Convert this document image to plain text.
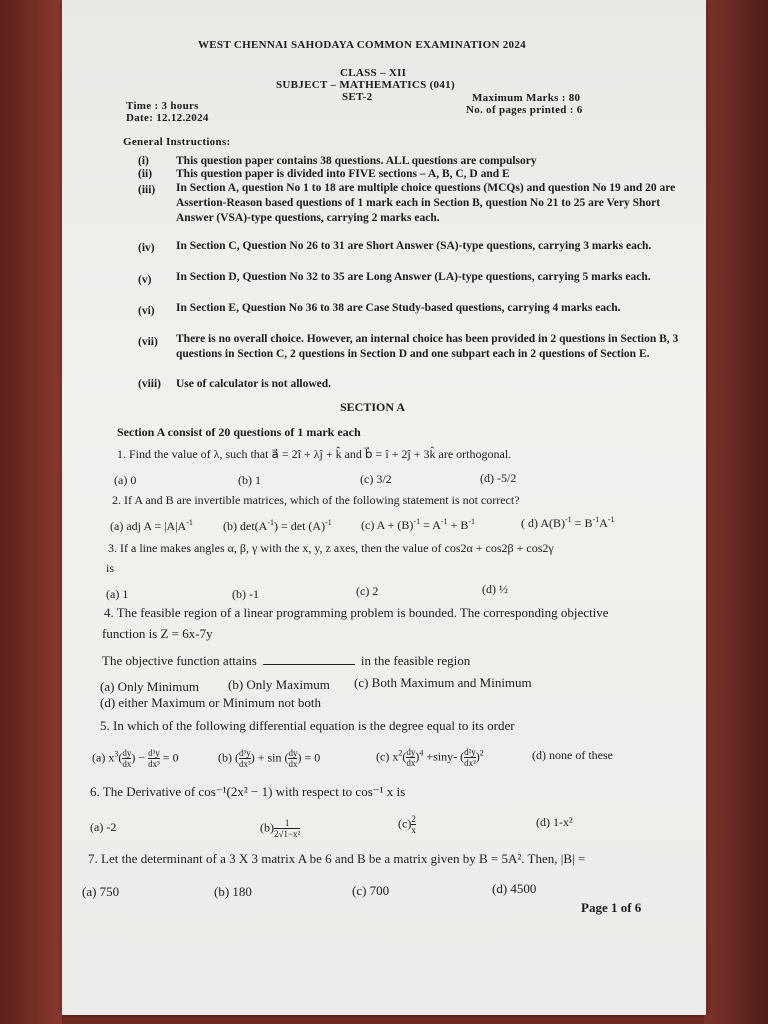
WEST CHENNAI SAHODAYA COMMON EXAMINATION 2024
CLASS – XII
SUBJECT – MATHEMATICS (041)
SET-2
Time : 3 hours
Date: 12.12.2024
Maximum Marks : 80
No. of pages printed : 6
General Instructions:
(i) This question paper contains 38 questions. ALL questions are compulsory
(ii) This question paper is divided into FIVE sections – A, B, C, D and E
(iii) In Section A, question No 1 to 18 are multiple choice questions (MCQs) and question No 19 and 20 are Assertion-Reason based questions of 1 mark each in Section B, question No 21 to 25 are Very Short Answer (VSA)-type questions, carrying 2 marks each.
(iv) In Section C, Question No 26 to 31 are Short Answer (SA)-type questions, carrying 3 marks each.
(v) In Section D, Question No 32 to 35 are Long Answer (LA)-type questions, carrying 5 marks each.
(vi) In Section E, Question No 36 to 38 are Case Study-based questions, carrying 4 marks each.
(vii) There is no overall choice. However, an internal choice has been provided in 2 questions in Section B, 3 questions in Section C, 2 questions in Section D and one subpart each in 2 questions of Section E.
(viii) Use of calculator is not allowed.
SECTION A
Section A consist of 20 questions of 1 mark each
1. Find the value of λ, such that a⃗ = 2î + λĵ + k̂ and b⃗ = î + 2ĵ + 3k̂ are orthogonal.
(a) 0	(b) 1	(c) 3/2	(d) -5/2
2. If A and B are invertible matrices, which of the following statement is not correct?
(a) adj $A = |A|A^{-1}$	(b) $\det(A^{-1}) = \det (A)^{-1}$ (c) $A + (B)^{-1} = A^{-1} + B^{-1}$	( d) $A(B)^{-1} = B^{-1}A^{-1}$
3. If a line makes angles α, β, γ with the x, y, z axes, then the value of cos2α + cos2β + cos2γ
is
(a) 1	(b) -1	(c) 2	(d) ½
4. The feasible region of a linear programming problem is bounded. The corresponding objective
function is Z = 6x-7y
The objective function attains	in the feasible region
(a) Only Minimum (b) Only Maximum (c) Both Maximum and Minimum
(d) either Maximum or Minimum not both
5. In which of the following differential equation is the degree equal to its order
(a) $x^3( \frac{dy}{dx}$ ) − $\frac{\text{d³y}}{\text{dx³}} = 0$	(b) ( $\frac{\text{d³y}}{\text{dx³}}$ ) + sin ( $\frac{dy}{dx}$ ) = 0	(c) $x^2( \frac{dy}{dx} )^4 +\sin y-$ ( $\frac{\text{d²y}}{\text{dx²}} )^2$	(d) none of these
6. The Derivative of cos⁻¹(2x² − 1) with respect to cos⁻¹ x is
(a) -2	$(b) \frac{1}{\text{2√1−x²}}$	$(c) \frac{2}{x}$	(d) 1-x²
7. Let the determinant of a 3 X 3 matrix A be 6 and B be a matrix given by B = 5A². Then, |B| =
(a) 750	(b) 180	(c) 700	(d) 4500
Page 1 of 6
